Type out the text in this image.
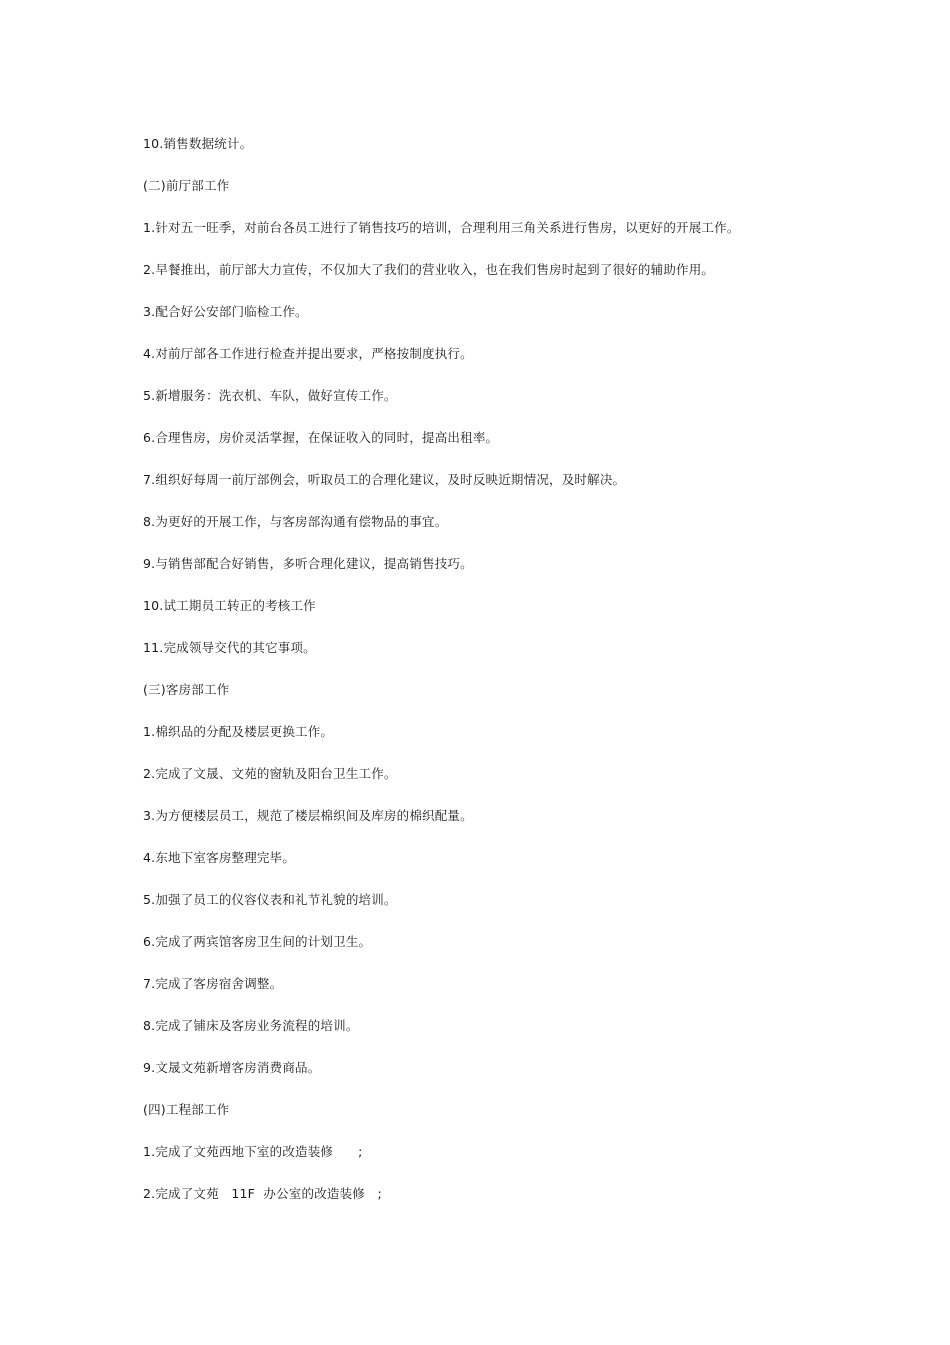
10.销售数据统计。
(二)前厅部工作
1.针对五一旺季，对前台各员工进行了销售技巧的培训，合理利用三角关系进行售房，以更好的开展工作。
2.早餐推出，前厅部大力宣传，不仅加大了我们的营业收入，也在我们售房时起到了很好的辅助作用。
3.配合好公安部门临检工作。
4.对前厅部各工作进行检查并提出要求，严格按制度执行。
5.新增服务：洗衣机、车队，做好宣传工作。
6.合理售房，房价灵活掌握，在保证收入的同时，提高出租率。
7.组织好每周一前厅部例会，听取员工的合理化建议，及时反映近期情况，及时解决。
8.为更好的开展工作，与客房部沟通有偿物品的事宜。
9.与销售部配合好销售，多听合理化建议，提高销售技巧。
10.试工期员工转正的考核工作
11.完成领导交代的其它事项。
(三)客房部工作
1.棉织品的分配及楼层更换工作。
2.完成了文晟、文苑的窗轨及阳台卫生工作。
3.为方便楼层员工，规范了楼层棉织间及库房的棉织配量。
4.东地下室客房整理完毕。
5.加强了员工的仪容仪表和礼节礼貌的培训。
6.完成了两宾馆客房卫生间的计划卫生。
7.完成了客房宿舍调整。
8.完成了铺床及客房业务流程的培训。
9.文晟文苑新增客房消费商品。
(四)工程部工作
1.完成了文苑西地下室的改造装修      ;
2.完成了文苑   11F  办公室的改造装修   ;
